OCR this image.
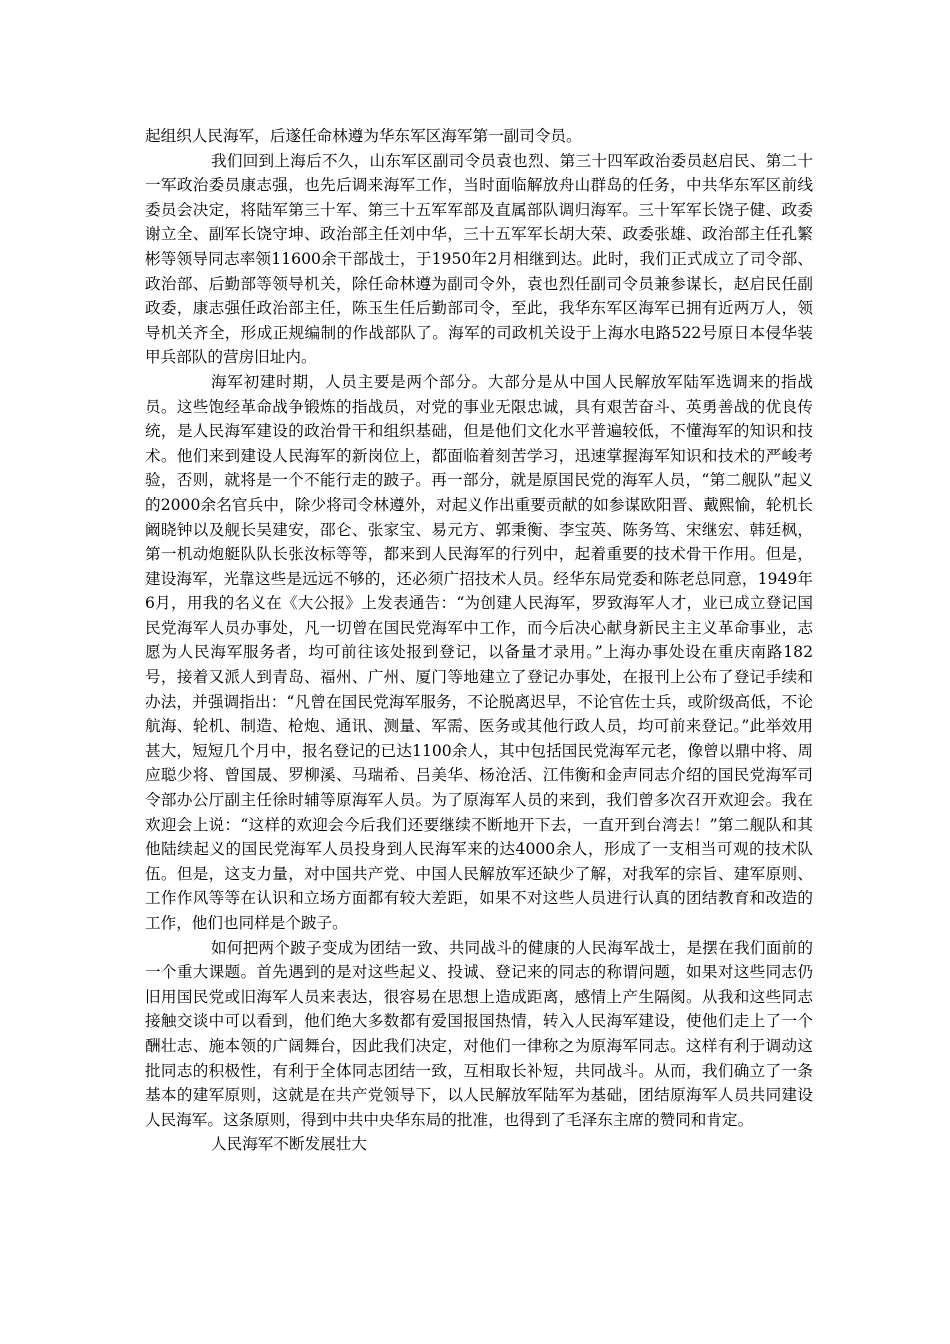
起组织人民海军，后遂任命林遵为华东军区海军第一副司令员。

我们回到上海后不久，山东军区副司令员袁也烈、第三十四军政治委员赵启民、第二十一军政治委员康志强，也先后调来海军工作，当时面临解放舟山群岛的任务，中共华东军区前线委员会决定，将陆军第三十军、第三十五军军部及直属部队调归海军。三十军军长饶子健、政委谢立全、副军长饶守坤、政治部主任刘中华，三十五军军长胡大荣、政委张雄、政治部主任孔繁彬等领导同志率领11600余干部战士，于1950年2月相继到达。此时，我们正式成立了司令部、政治部、后勤部等领导机关，除任命林遵为副司令外，袁也烈任副司令员兼参谋长，赵启民任副政委，康志强任政治部主任，陈玉生任后勤部司令，至此，我华东军区海军已拥有近两万人，领导机关齐全，形成正规编制的作战部队了。海军的司政机关设于上海水电路522号原日本侵华装甲兵部队的营房旧址内。

海军初建时期，人员主要是两个部分。大部分是从中国人民解放军陆军选调来的指战员。这些饱经革命战争锻炼的指战员，对党的事业无限忠诚，具有艰苦奋斗、英勇善战的优良传统，是人民海军建设的政治骨干和组织基础，但是他们文化水平普遍较低，不懂海军的知识和技术。他们来到建设人民海军的新岗位上，都面临着刻苦学习，迅速掌握海军知识和技术的严峻考验，否则，就将是一个不能行走的跛子。再一部分，就是原国民党的海军人员，“第二舰队”起义的2000余名官兵中，除少将司令林遵外，对起义作出重要贡献的如参谋欧阳晋、戴熙愉，轮机长阚晓钟以及舰长吴建安，邵仑、张家宝、易元方、郭秉衡、李宝英、陈务笃、宋继宏、韩廷枫，第一机动炮艇队队长张汝标等等，都来到人民海军的行列中，起着重要的技术骨干作用。但是，建设海军，光靠这些是远远不够的，还必须广招技术人员。经华东局党委和陈老总同意，1949年6月，用我的名义在《大公报》上发表通告：“为创建人民海军，罗致海军人才，业已成立登记国民党海军人员办事处，凡一切曾在国民党海军中工作，而今后决心献身新民主主义革命事业，志愿为人民海军服务者，均可前往该处报到登记，以备量才录用。”上海办事处设在重庆南路182号，接着又派人到青岛、福州、广州、厦门等地建立了登记办事处，在报刊上公布了登记手续和办法，并强调指出：“凡曾在国民党海军服务，不论脱离迟早，不论官佐士兵，或阶级高低，不论航海、轮机、制造、枪炮、通讯、测量、军需、医务或其他行政人员，均可前来登记。”此举效用甚大，短短几个月中，报名登记的已达1100余人，其中包括国民党海军元老，像曾以鼎中将、周应聪少将、曾国晟、罗柳溪、马瑞希、吕美华、杨沧活、江伟衡和金声同志介绍的国民党海军司令部办公厅副主任徐时辅等原海军人员。为了原海军人员的来到，我们曾多次召开欢迎会。我在欢迎会上说：“这样的欢迎会今后我们还要继续不断地开下去，一直开到台湾去！”第二舰队和其他陆续起义的国民党海军人员投身到人民海军来的达4000余人，形成了一支相当可观的技术队伍。但是，这支力量，对中国共产党、中国人民解放军还缺少了解，对我军的宗旨、建军原则、工作作风等等在认识和立场方面都有较大差距，如果不对这些人员进行认真的团结教育和改造的工作，他们也同样是个跛子。

如何把两个跛子变成为团结一致、共同战斗的健康的人民海军战士，是摆在我们面前的一个重大课题。首先遇到的是对这些起义、投诚、登记来的同志的称谓问题，如果对这些同志仍旧用国民党或旧海军人员来表达，很容易在思想上造成距离，感情上产生隔阂。从我和这些同志接触交谈中可以看到，他们绝大多数都有爱国报国热情，转入人民海军建设，使他们走上了一个酬壮志、施本领的广阔舞台，因此我们决定，对他们一律称之为原海军同志。这样有利于调动这批同志的积极性，有利于全体同志团结一致，互相取长补短，共同战斗。从而，我们确立了一条基本的建军原则，这就是在共产党领导下，以人民解放军陆军为基础，团结原海军人员共同建设人民海军。这条原则，得到中共中央华东局的批准，也得到了毛泽东主席的赞同和肯定。

人民海军不断发展壮大
